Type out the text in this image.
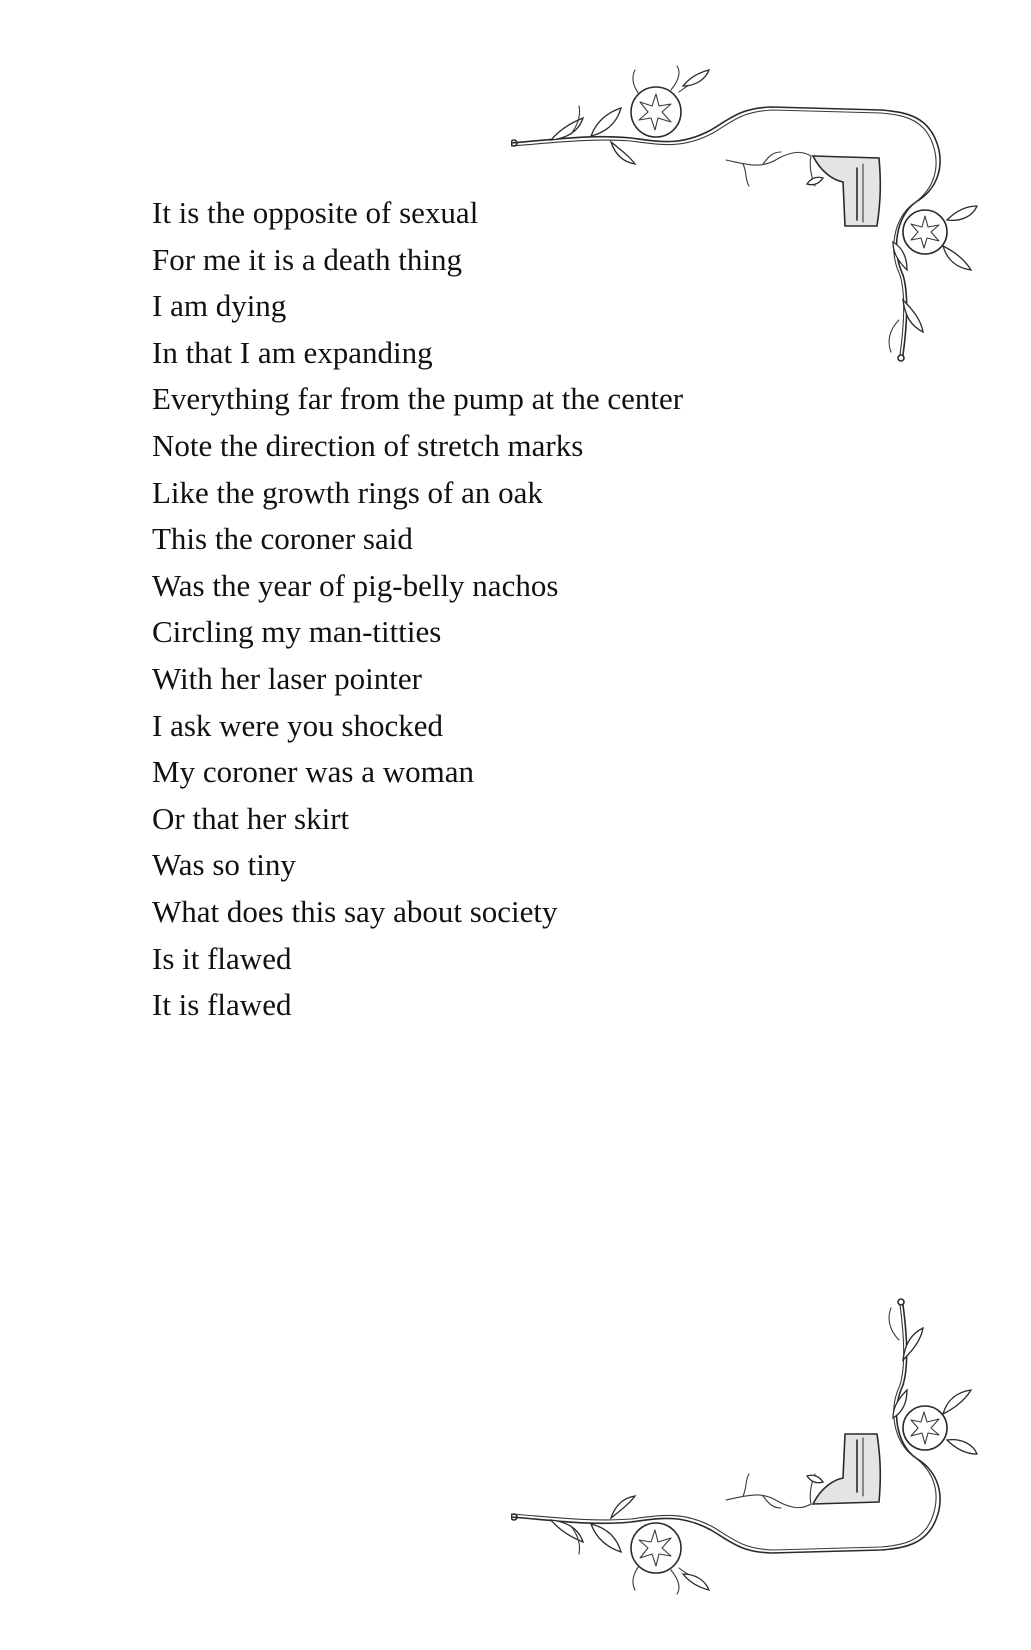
It is the opposite of sexual
For me it is a death thing
I am dying
In that I am expanding
Everything far from the pump at the center
Note the direction of stretch marks
Like the growth rings of an oak
This the coroner said
Was the year of pig-belly nachos
Circling my man-titties
With her laser pointer
I ask were you shocked
My coroner was a woman
Or that her skirt
Was so tiny
What does this say about society
Is it flawed
It is flawed
